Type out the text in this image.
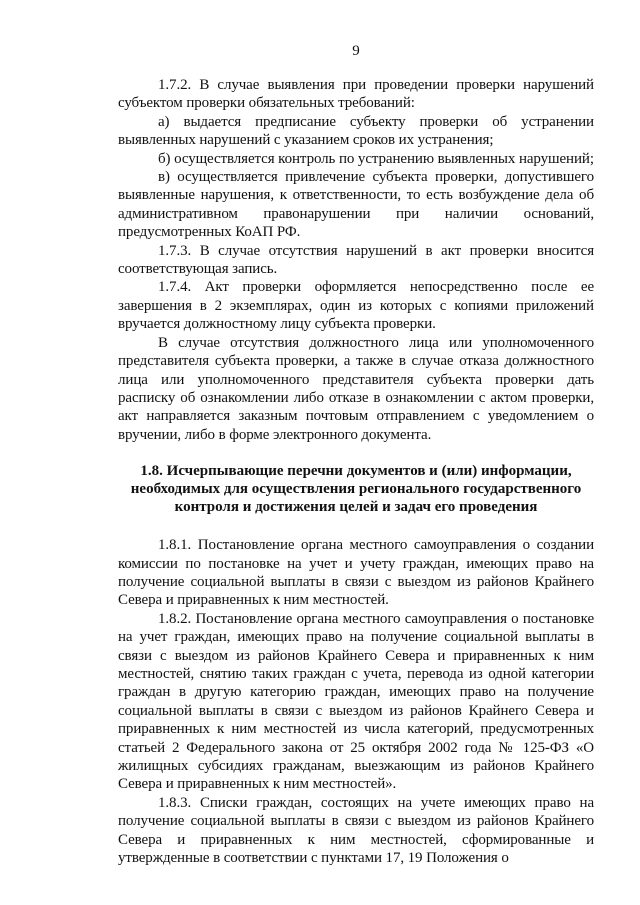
9

1.7.2. В случае выявления при проведении проверки нарушений субъектом проверки обязательных требований:

а) выдается предписание субъекту проверки об устранении выявленных нарушений с указанием сроков их устранения;

б) осуществляется контроль по устранению выявленных нарушений;

в) осуществляется привлечение субъекта проверки, допустившего выявленные нарушения, к ответственности, то есть возбуждение дела об административном правонарушении при наличии оснований, предусмотренных КоАП РФ.

1.7.3. В случае отсутствия нарушений в акт проверки вносится соответствующая запись.

1.7.4. Акт проверки оформляется непосредственно после ее завершения в 2 экземплярах, один из которых с копиями приложений вручается должностному лицу субъекта проверки.

В случае отсутствия должностного лица или уполномоченного представителя субъекта проверки, а также в случае отказа должностного лица или уполномоченного представителя субъекта проверки дать расписку об ознакомлении либо отказе в ознакомлении с актом проверки, акт направляется заказным почтовым отправлением с уведомлением о вручении, либо в форме электронного документа.

1.8. Исчерпывающие перечни документов и (или) информации, необходимых для осуществления регионального государственного контроля и достижения целей и задач его проведения

1.8.1. Постановление органа местного самоуправления о создании комиссии по постановке на учет и учету граждан, имеющих право на получение социальной выплаты в связи с выездом из районов Крайнего Севера и приравненных к ним местностей.

1.8.2. Постановление органа местного самоуправления о постановке на учет граждан, имеющих право на получение социальной выплаты в связи с выездом из районов Крайнего Севера и приравненных к ним местностей, снятию таких граждан с учета, перевода из одной категории граждан в другую категорию граждан, имеющих право на получение социальной выплаты в связи с выездом из районов Крайнего Севера и приравненных к ним местностей из числа категорий, предусмотренных статьей 2 Федерального закона от 25 октября 2002 года № 125-ФЗ «О жилищных субсидиях гражданам, выезжающим из районов Крайнего Севера и приравненных к ним местностей».

1.8.3. Списки граждан, состоящих на учете имеющих право на получение социальной выплаты в связи с выездом из районов Крайнего Севера и приравненных к ним местностей, сформированные и утвержденные в соответствии с пунктами 17, 19 Положения о
